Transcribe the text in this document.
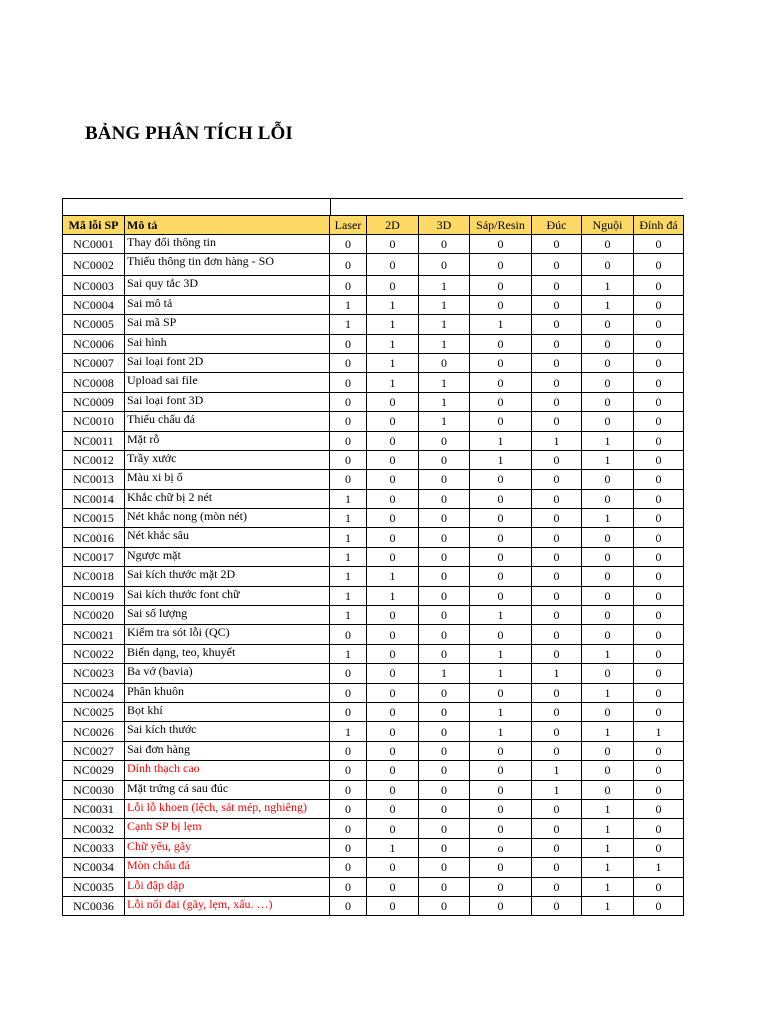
BẢNG PHÂN TÍCH LỖI
Mã lỗi SP	Mô tả	Laser	2D	3D	Sáp/Resin	Đúc	Nguội	Đính đá
NC0001	Thay đổi thông tin	0	0	0	0	0	0	0
NC0002	Thiếu thông tin đơn hàng - SO	0	0	0	0	0	0	0
NC0003	Sai quy tắc 3D	0	0	1	0	0	1	0
NC0004	Sai mô tả	1	1	1	0	0	1	0
NC0005	Sai mã SP	1	1	1	1	0	0	0
NC0006	Sai hình	0	1	1	0	0	0	0
NC0007	Sai loại font 2D	0	1	0	0	0	0	0
NC0008	Upload sai file	0	1	1	0	0	0	0
NC0009	Sai loại font 3D	0	0	1	0	0	0	0
NC0010	Thiếu chấu đá	0	0	1	0	0	0	0
NC0011	Mặt rỗ	0	0	0	1	1	1	0
NC0012	Trầy xước	0	0	0	1	0	1	0
NC0013	Màu xi bị ố	0	0	0	0	0	0	0
NC0014	Khắc chữ bị 2 nét	1	0	0	0	0	0	0
NC0015	Nét khắc nong (mòn nét)	1	0	0	0	0	1	0
NC0016	Nét khắc sâu	1	0	0	0	0	0	0
NC0017	Ngược mặt	1	0	0	0	0	0	0
NC0018	Sai kích thước mặt 2D	1	1	0	0	0	0	0
NC0019	Sai kích thước font chữ	1	1	0	0	0	0	0
NC0020	Sai số lượng	1	0	0	1	0	0	0
NC0021	Kiểm tra sót lỗi (QC)	0	0	0	0	0	0	0
NC0022	Biến dạng, teo, khuyết	1	0	0	1	0	1	0
NC0023	Ba vớ (bavia)	0	0	1	1	1	0	0
NC0024	Phân khuôn	0	0	0	0	0	1	0
NC0025	Bọt khí	0	0	0	1	0	0	0
NC0026	Sai kích thước	1	0	0	1	0	1	1
NC0027	Sai đơn hàng	0	0	0	0	0	0	0
NC0029	Dính thạch cao	0	0	0	0	1	0	0
NC0030	Mặt trứng cá sau đúc	0	0	0	0	1	0	0
NC0031	Lỗi lỗ khoen (lệch, sát mép, nghiêng)	0	0	0	0	0	1	0
NC0032	Cạnh SP bị lẹm	0	0	0	0	0	1	0
NC0033	Chữ yếu, gãy	0	1	0	o	0	1	0
NC0034	Mòn chấu đá	0	0	0	0	0	1	1
NC0035	Lỗi đập dập	0	0	0	0	0	1	0
NC0036	Lỗi nối đai (gãy, lẹm, xấu. …)	0	0	0	0	0	1	0
